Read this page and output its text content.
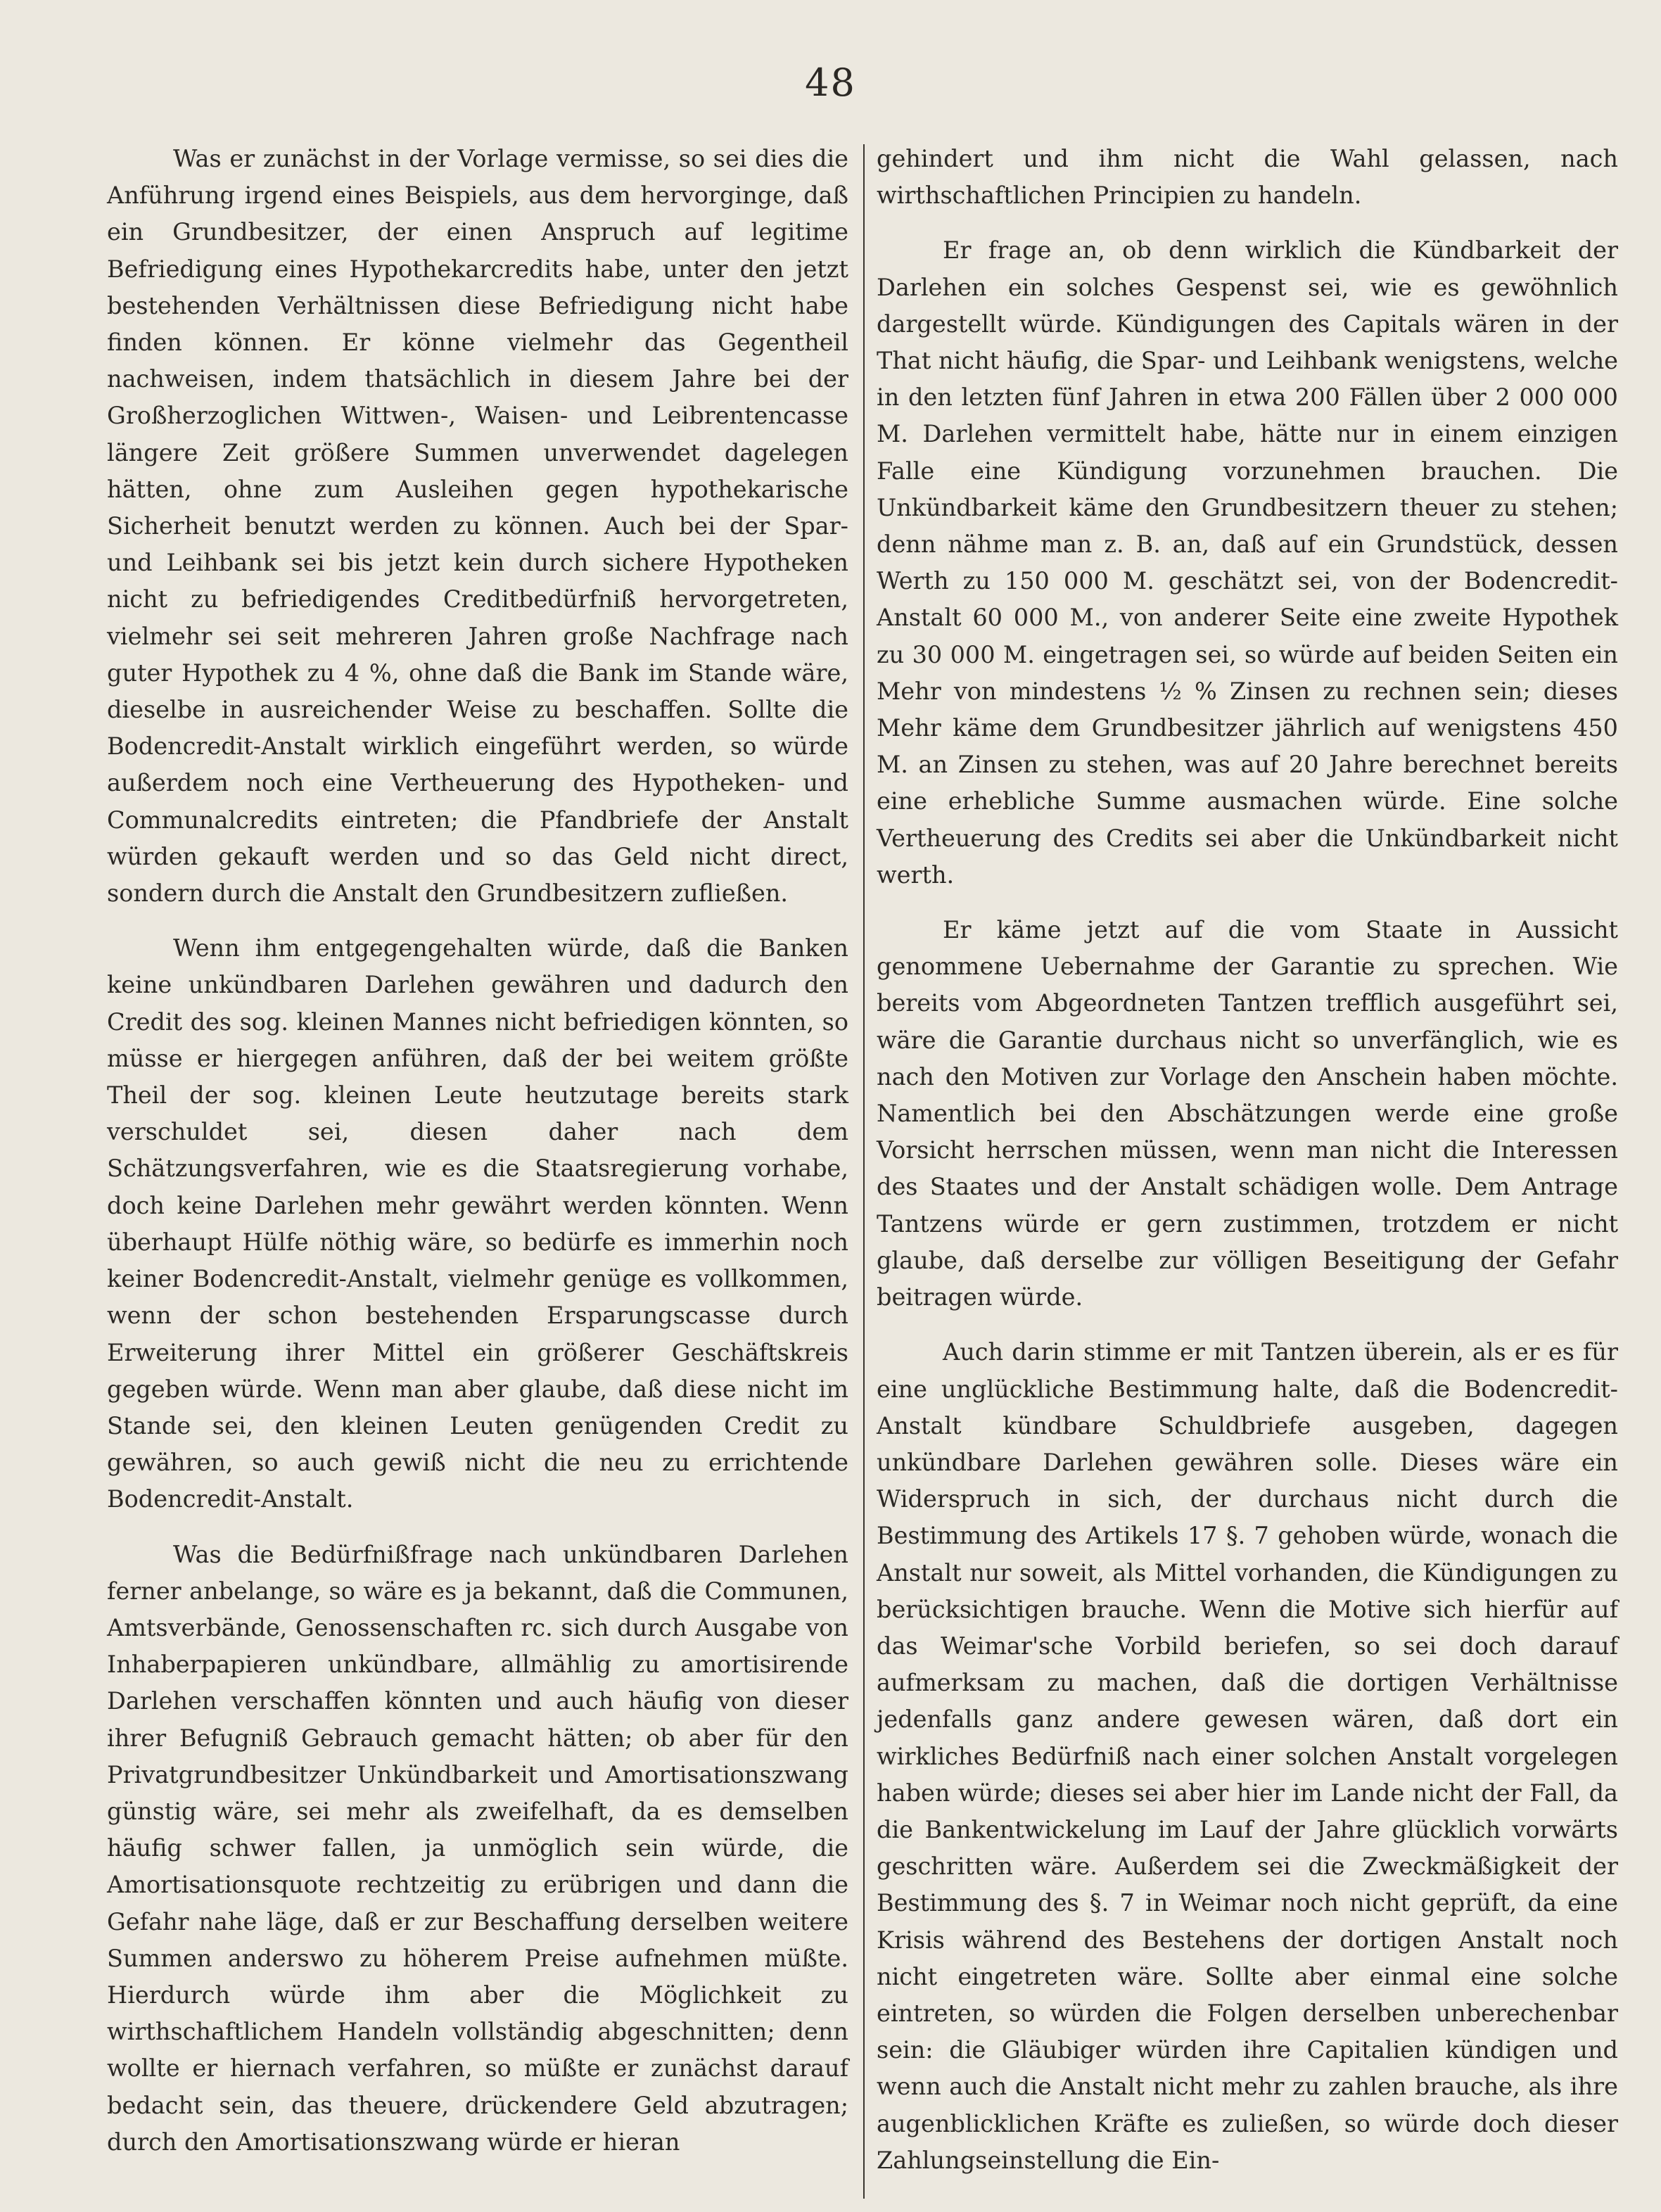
48

Was er zunächst in der Vorlage vermisse, so sei dies die Anführung irgend eines Beispiels, aus dem hervorginge, daß ein Grundbesitzer, der einen Anspruch auf legitime Befriedigung eines Hypothekarcredits habe, unter den jetzt bestehenden Verhältnissen diese Befriedigung nicht habe finden können. Er könne vielmehr das Gegentheil nachweisen, indem thatsächlich in diesem Jahre bei der Großherzoglichen Wittwen-, Waisen- und Leibrentencasse längere Zeit größere Summen unverwendet dagelegen hätten, ohne zum Ausleihen gegen hypothekarische Sicherheit benutzt werden zu können. Auch bei der Spar- und Leihbank sei bis jetzt kein durch sichere Hypotheken nicht zu befriedigendes Creditbedürfniß hervorgetreten, vielmehr sei seit mehreren Jahren große Nachfrage nach guter Hypothek zu 4 %, ohne daß die Bank im Stande wäre, dieselbe in ausreichender Weise zu beschaffen. Sollte die Bodencredit-Anstalt wirklich eingeführt werden, so würde außerdem noch eine Vertheuerung des Hypotheken- und Communalcredits eintreten; die Pfandbriefe der Anstalt würden gekauft werden und so das Geld nicht direct, sondern durch die Anstalt den Grundbesitzern zufließen.

Wenn ihm entgegengehalten würde, daß die Banken keine unkündbaren Darlehen gewähren und dadurch den Credit des sog. kleinen Mannes nicht befriedigen könnten, so müsse er hiergegen anführen, daß der bei weitem größte Theil der sog. kleinen Leute heutzutage bereits stark verschuldet sei, diesen daher nach dem Schätzungsverfahren, wie es die Staatsregierung vorhabe, doch keine Darlehen mehr gewährt werden könnten. Wenn überhaupt Hülfe nöthig wäre, so bedürfe es immerhin noch keiner Bodencredit-Anstalt, vielmehr genüge es vollkommen, wenn der schon bestehenden Ersparungscasse durch Erweiterung ihrer Mittel ein größerer Geschäftskreis gegeben würde. Wenn man aber glaube, daß diese nicht im Stande sei, den kleinen Leuten genügenden Credit zu gewähren, so auch gewiß nicht die neu zu errichtende Bodencredit-Anstalt.

Was die Bedürfnißfrage nach unkündbaren Darlehen ferner anbelange, so wäre es ja bekannt, daß die Communen, Amtsverbände, Genossenschaften rc. sich durch Ausgabe von Inhaberpapieren unkündbare, allmählig zu amortisirende Darlehen verschaffen könnten und auch häufig von dieser ihrer Befugniß Gebrauch gemacht hätten; ob aber für den Privatgrundbesitzer Unkündbarkeit und Amortisationszwang günstig wäre, sei mehr als zweifelhaft, da es demselben häufig schwer fallen, ja unmöglich sein würde, die Amortisationsquote rechtzeitig zu erübrigen und dann die Gefahr nahe läge, daß er zur Beschaffung derselben weitere Summen anderswo zu höherem Preise aufnehmen müßte. Hierdurch würde ihm aber die Möglichkeit zu wirthschaftlichem Handeln vollständig abgeschnitten; denn wollte er hiernach verfahren, so müßte er zunächst darauf bedacht sein, das theuere, drückendere Geld abzutragen; durch den Amortisationszwang würde er hieran

gehindert und ihm nicht die Wahl gelassen, nach wirthschaftlichen Principien zu handeln.

Er frage an, ob denn wirklich die Kündbarkeit der Darlehen ein solches Gespenst sei, wie es gewöhnlich dargestellt würde. Kündigungen des Capitals wären in der That nicht häufig, die Spar- und Leihbank wenigstens, welche in den letzten fünf Jahren in etwa 200 Fällen über 2 000 000 M. Darlehen vermittelt habe, hätte nur in einem einzigen Falle eine Kündigung vorzunehmen brauchen. Die Unkündbarkeit käme den Grundbesitzern theuer zu stehen; denn nähme man z. B. an, daß auf ein Grundstück, dessen Werth zu 150 000 M. geschätzt sei, von der Bodencredit-Anstalt 60 000 M., von anderer Seite eine zweite Hypothek zu 30 000 M. eingetragen sei, so würde auf beiden Seiten ein Mehr von mindestens ½ % Zinsen zu rechnen sein; dieses Mehr käme dem Grundbesitzer jährlich auf wenigstens 450 M. an Zinsen zu stehen, was auf 20 Jahre berechnet bereits eine erhebliche Summe ausmachen würde. Eine solche Vertheuerung des Credits sei aber die Unkündbarkeit nicht werth.

Er käme jetzt auf die vom Staate in Aussicht genommene Uebernahme der Garantie zu sprechen. Wie bereits vom Abgeordneten Tantzen trefflich ausgeführt sei, wäre die Garantie durchaus nicht so unverfänglich, wie es nach den Motiven zur Vorlage den Anschein haben möchte. Namentlich bei den Abschätzungen werde eine große Vorsicht herrschen müssen, wenn man nicht die Interessen des Staates und der Anstalt schädigen wolle. Dem Antrage Tantzens würde er gern zustimmen, trotzdem er nicht glaube, daß derselbe zur völligen Beseitigung der Gefahr beitragen würde.

Auch darin stimme er mit Tantzen überein, als er es für eine unglückliche Bestimmung halte, daß die Bodencredit-Anstalt kündbare Schuldbriefe ausgeben, dagegen unkündbare Darlehen gewähren solle. Dieses wäre ein Widerspruch in sich, der durchaus nicht durch die Bestimmung des Artikels 17 §. 7 gehoben würde, wonach die Anstalt nur soweit, als Mittel vorhanden, die Kündigungen zu berücksichtigen brauche. Wenn die Motive sich hierfür auf das Weimar'sche Vorbild beriefen, so sei doch darauf aufmerksam zu machen, daß die dortigen Verhältnisse jedenfalls ganz andere gewesen wären, daß dort ein wirkliches Bedürfniß nach einer solchen Anstalt vorgelegen haben würde; dieses sei aber hier im Lande nicht der Fall, da die Bankentwickelung im Lauf der Jahre glücklich vorwärts geschritten wäre. Außerdem sei die Zweckmäßigkeit der Bestimmung des §. 7 in Weimar noch nicht geprüft, da eine Krisis während des Bestehens der dortigen Anstalt noch nicht eingetreten wäre. Sollte aber einmal eine solche eintreten, so würden die Folgen derselben unberechenbar sein: die Gläubiger würden ihre Capitalien kündigen und wenn auch die Anstalt nicht mehr zu zahlen brauche, als ihre augenblicklichen Kräfte es zuließen, so würde doch dieser Zahlungseinstellung die Ein-
